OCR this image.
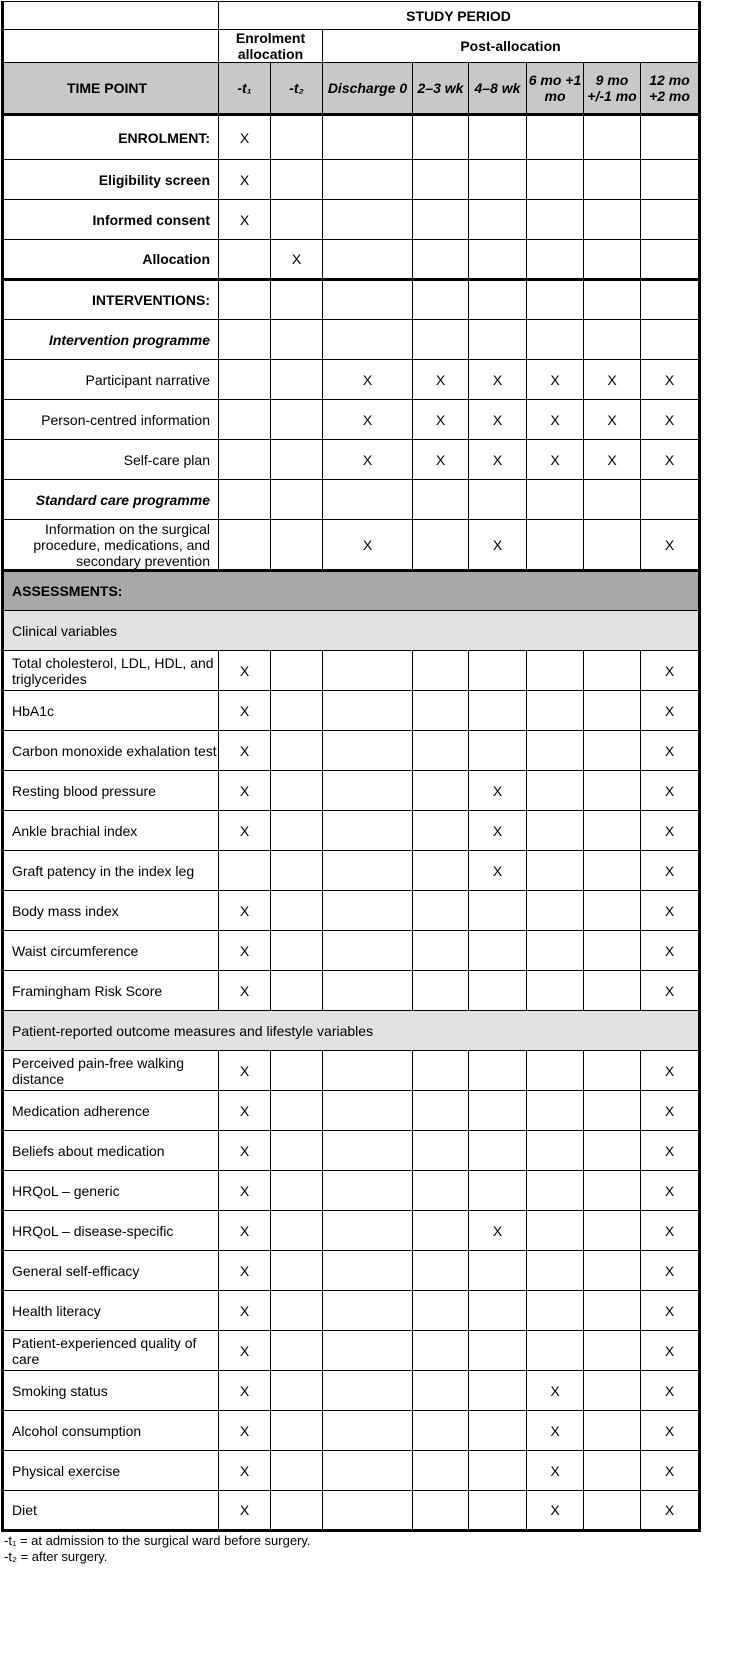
	STUDY PERIOD							
	Enrolment allocation		Post-allocation					
TIME POINT	-t₁	-t₂	Discharge 0	2–3 wk	4–8 wk	6 mo +1 mo	9 mo +/-1 mo	12 mo +2 mo
ENROLMENT:	X							
Eligibility screen	X							
Informed consent	X							
Allocation		X						
INTERVENTIONS:								
Intervention programme								
Participant narrative			X	X	X	X	X	X
Person-centred information			X	X	X	X	X	X
Self-care plan			X	X	X	X	X	X
Standard care programme								
Information on the surgical procedure, medications, and secondary prevention			X		X			X
ASSESSMENTS:								
Clinical variables								
Total cholesterol, LDL, HDL, and triglycerides	X							X
HbA1c	X							X
Carbon monoxide exhalation test	X							X
Resting blood pressure	X				X			X
Ankle brachial index	X				X			X
Graft patency in the index leg					X			X
Body mass index	X							X
Waist circumference	X							X
Framingham Risk Score	X							X
Patient-reported outcome measures and lifestyle variables								
Perceived pain-free walking distance	X							X
Medication adherence	X							X
Beliefs about medication	X							X
HRQoL – generic	X							X
HRQoL – disease-specific	X				X			X
General self-efficacy	X							X
Health literacy	X							X
Patient-experienced quality of care	X							X
Smoking status	X					X		X
Alcohol consumption	X					X		X
Physical exercise	X					X		X
Diet	X					X		X
-t₁ = at admission to the surgical ward before surgery.
-t₂ = after surgery.
